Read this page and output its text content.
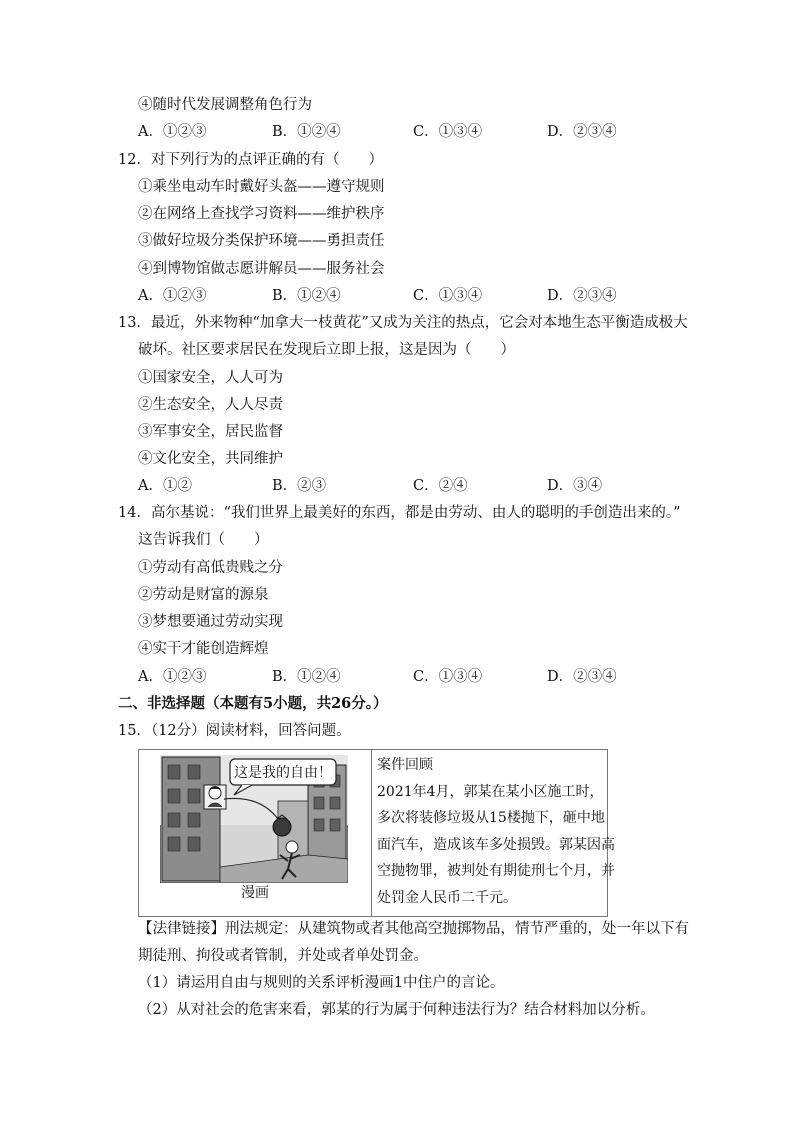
④随时代发展调整角色行为
A．①②③	B．①②④	C．①③④	D．②③④
12．对下列行为的点评正确的有（　　）
①乘坐电动车时戴好头盔——遵守规则
②在网络上查找学习资料——维护秩序
③做好垃圾分类保护环境——勇担责任
④到博物馆做志愿讲解员——服务社会
A．①②③	B．①②④	C．①③④	D．②③④
13．最近，外来物种“加拿大一枝黄花”又成为关注的热点，它会对本地生态平衡造成极大
破坏。社区要求居民在发现后立即上报，这是因为（　　）
①国家安全，人人可为
②生态安全，人人尽责
③军事安全，居民监督
④文化安全，共同维护
A．①②	B．②③	C．②④	D．③④
14．高尔基说：“我们世界上最美好的东西，都是由劳动、由人的聪明的手创造出来的。”
这告诉我们（　　）
①劳动有高低贵贱之分
②劳动是财富的源泉
③梦想要通过劳动实现
④实干才能创造辉煌
A．①②③	B．①②④	C．①③④	D．②③④
二、非选择题（本题有5小题，共26分。）
15．（12分）阅读材料，回答问题。
这是我的自由！
漫画
案件回顾
2021年4月，郭某在某小区施工时，
多次将装修垃圾从15楼抛下，砸中地
面汽车，造成该车多处损毁。郭某因高
空抛物罪，被判处有期徒刑七个月，并
处罚金人民币二千元。
【法律链接】刑法规定：从建筑物或者其他高空抛掷物品，情节严重的，处一年以下有
期徒刑、拘役或者管制，并处或者单处罚金。
（1）请运用自由与规则的关系评析漫画1中住户的言论。
（2）从对社会的危害来看，郭某的行为属于何种违法行为？结合材料加以分析。
